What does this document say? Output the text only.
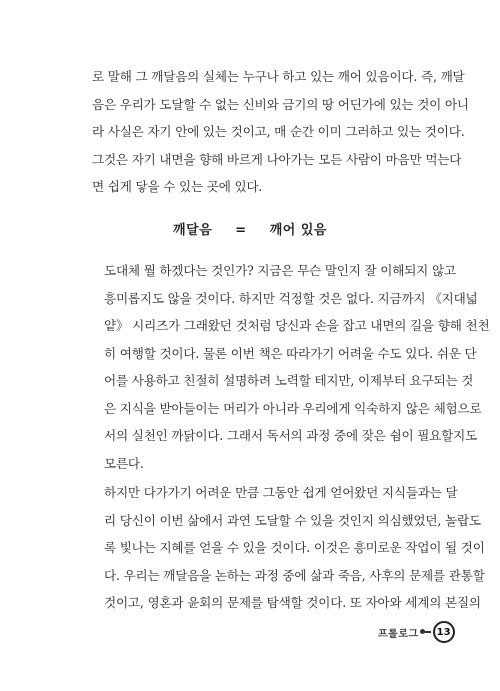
로 말해 그 깨달음의 실체는 누구나 하고 있는 깨어 있음이다. 즉, 깨달
음은 우리가 도달할 수 없는 신비와 금기의 땅 어딘가에 있는 것이 아니
라 사실은 자기 안에 있는 것이고, 매 순간 이미 그러하고 있는 것이다.
그것은 자기 내면을 향해 바르게 나아가는 모든 사람이 마음만 먹는다
면 쉽게 닿을 수 있는 곳에 있다.

깨달음 = 깨어 있음

도대체 뭘 하겠다는 것인가? 지금은 무슨 말인지 잘 이해되지 않고
흥미롭지도 않을 것이다. 하지만 걱정할 것은 없다. 지금까지 《지대넓
얕》 시리즈가 그래왔던 것처럼 당신과 손을 잡고 내면의 길을 향해 천천
히 여행할 것이다. 물론 이번 책은 따라가기 어려울 수도 있다. 쉬운 단
어를 사용하고 친절히 설명하려 노력할 테지만, 이제부터 요구되는 것
은 지식을 받아들이는 머리가 아니라 우리에게 익숙하지 않은 체험으로
서의 실천인 까닭이다. 그래서 독서의 과정 중에 잦은 쉼이 필요할지도
모른다.

하지만 다가가기 어려운 만큼 그동안 쉽게 얻어왔던 지식들과는 달
리 당신이 이번 삶에서 과연 도달할 수 있을 것인지 의심했었던, 놀랍도
록 빛나는 지혜를 얻을 수 있을 것이다. 이것은 흥미로운 작업이 될 것이
다. 우리는 깨달음을 논하는 과정 중에 삶과 죽음, 사후의 문제를 관통할
것이고, 영혼과 윤회의 문제를 탐색할 것이다. 또 자아와 세계의 본질의

프롤로그 13
